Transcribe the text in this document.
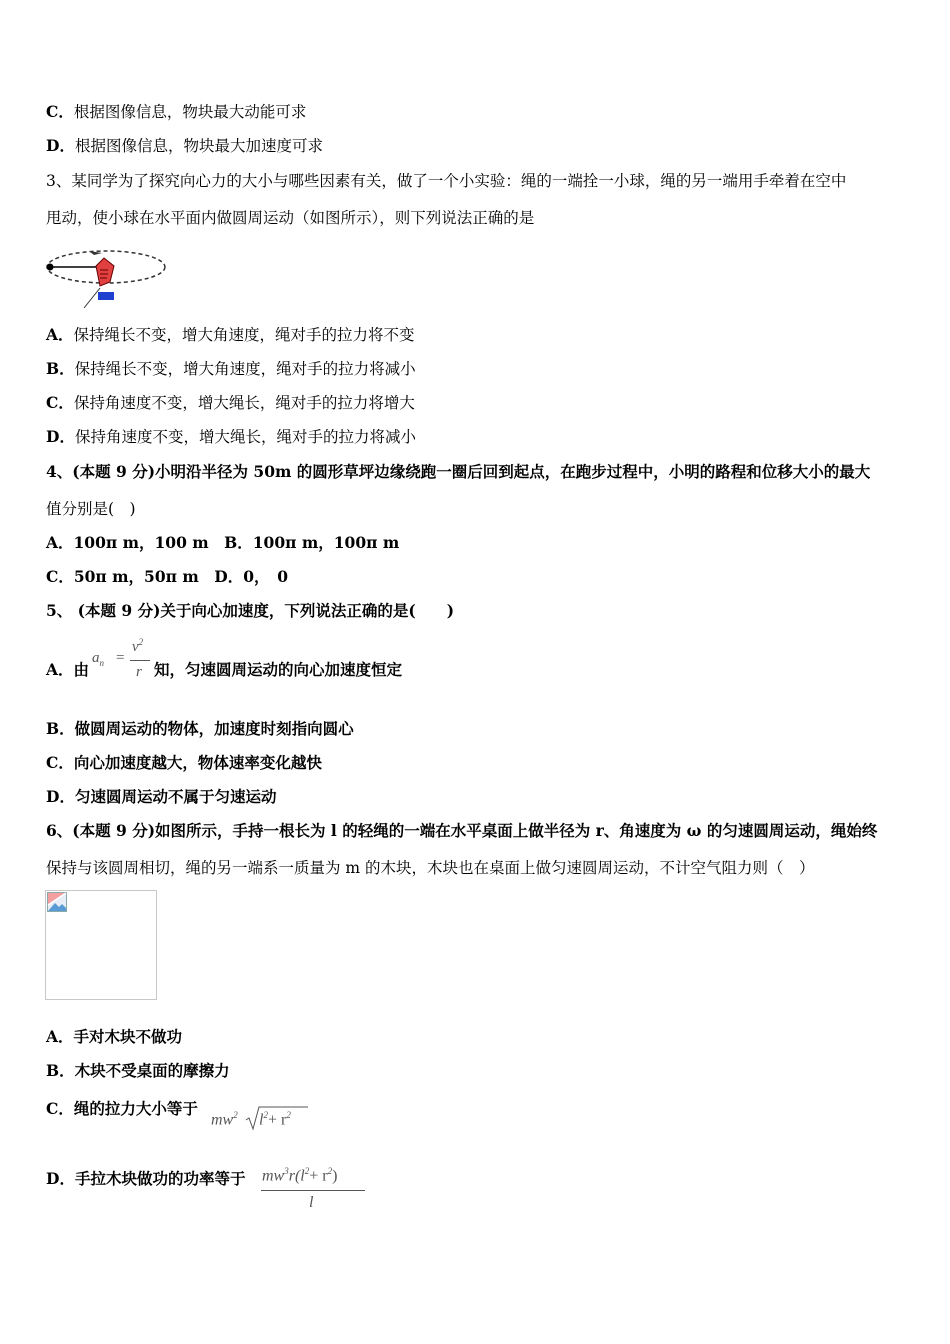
C．根据图像信息，物块最大动能可求
D．根据图像信息，物块最大加速度可求
3、某同学为了探究向心力的大小与哪些因素有关，做了一个小实验：绳的一端拴一小球，绳的另一端用手牵着在空中
甩动，使小球在水平面内做圆周运动（如图所示），则下列说法正确的是
A．保持绳长不变，增大角速度，绳对手的拉力将不变
B．保持绳长不变，增大角速度，绳对手的拉力将减小
C．保持角速度不变，增大绳长，绳对手的拉力将增大
D．保持角速度不变，增大绳长，绳对手的拉力将减小
4、(本题 9 分)小明沿半径为 50m 的圆形草坪边缘绕跑一圈后回到起点，在跑步过程中，小明的路程和位移大小的最大
值分别是(　)
A．100π m，100 m　B．100π m，100π m
C．50π m，50π m　D．0，　0
5、 (本题 9 分)关于向心加速度，下列说法正确的是(　　)
A．由
$a_n$ =
$v^2$
r 知，匀速圆周运动的向心加速度恒定
B．做圆周运动的物体，加速度时刻指向圆心
C．向心加速度越大，物体速率变化越快
D．匀速圆周运动不属于匀速运动
6、(本题 9 分)如图所示，手持一根长为 l 的轻绳的一端在水平桌面上做半径为 r、角速度为 ω 的匀速圆周运动，绳始终
保持与该圆周相切，绳的另一端系一质量为 m 的木块，木块也在桌面上做匀速圆周运动，不计空气阻力则（　）
A．手对木块不做功
B．木块不受桌面的摩擦力
C．绳的拉力大小等于
$mw^2$ $l^2+ r^2$
D．手拉木块做功的功率等于 $mw^3r(l^2+ r^2)$
l
